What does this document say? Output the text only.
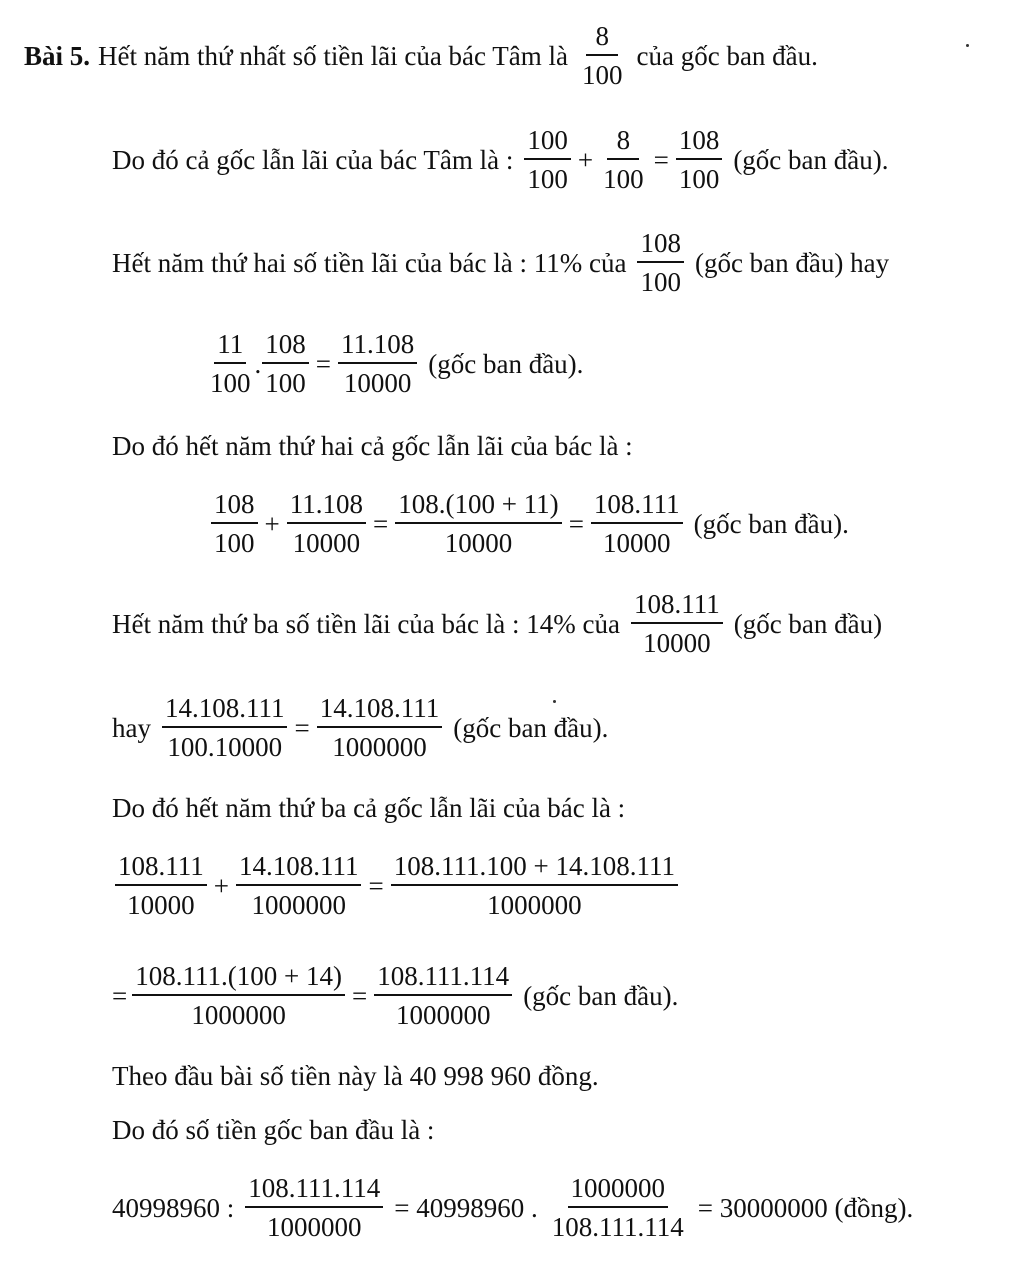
Bài 5. Hết năm thứ nhất số tiền lãi của bác Tâm là $\frac{8}{100}$ của gốc ban đầu.
Do đó cả gốc lẫn lãi của bác Tâm là : $\frac{100}{100} + \frac{8}{100} = \frac{108}{100}$ (gốc ban đầu).
Hết năm thứ hai số tiền lãi của bác là : 11% của $\frac{108}{100}$ (gốc ban đầu) hay
$\frac{11}{100}$ . $\frac{108}{100} = \frac{11.108}{10000}$ (gốc ban đầu).
Do đó hết năm thứ hai cả gốc lẫn lãi của bác là :
$\frac{108}{100} + \frac{11.108}{10000} = \frac{108.(100 + 11)}{10000} = \frac{108.111}{10000}$ (gốc ban đầu).
Hết năm thứ ba số tiền lãi của bác là : 14% của $\frac{108.111}{10000}$ (gốc ban đầu)
hay $\frac{14.108.111}{100.10000} = \frac{14.108.111}{1000000}$ (gốc ban đầu).
Do đó hết năm thứ ba cả gốc lẫn lãi của bác là :
$\frac{108.111}{10000} + \frac{14.108.111}{1000000} = \frac{108.111.100 + 14.108.111}{1000000}$
= $\frac{108.111.(100 + 14)}{1000000} = \frac{108.111.114}{1000000}$ (gốc ban đầu).
Theo đầu bài số tiền này là 40 998 960 đồng.
Do đó số tiền gốc ban đầu là :
40998960 : $\frac{108.111.114}{1000000} = 40998960$ . $\frac{1000000}{108.111.114} = 30000000$ (đồng).
